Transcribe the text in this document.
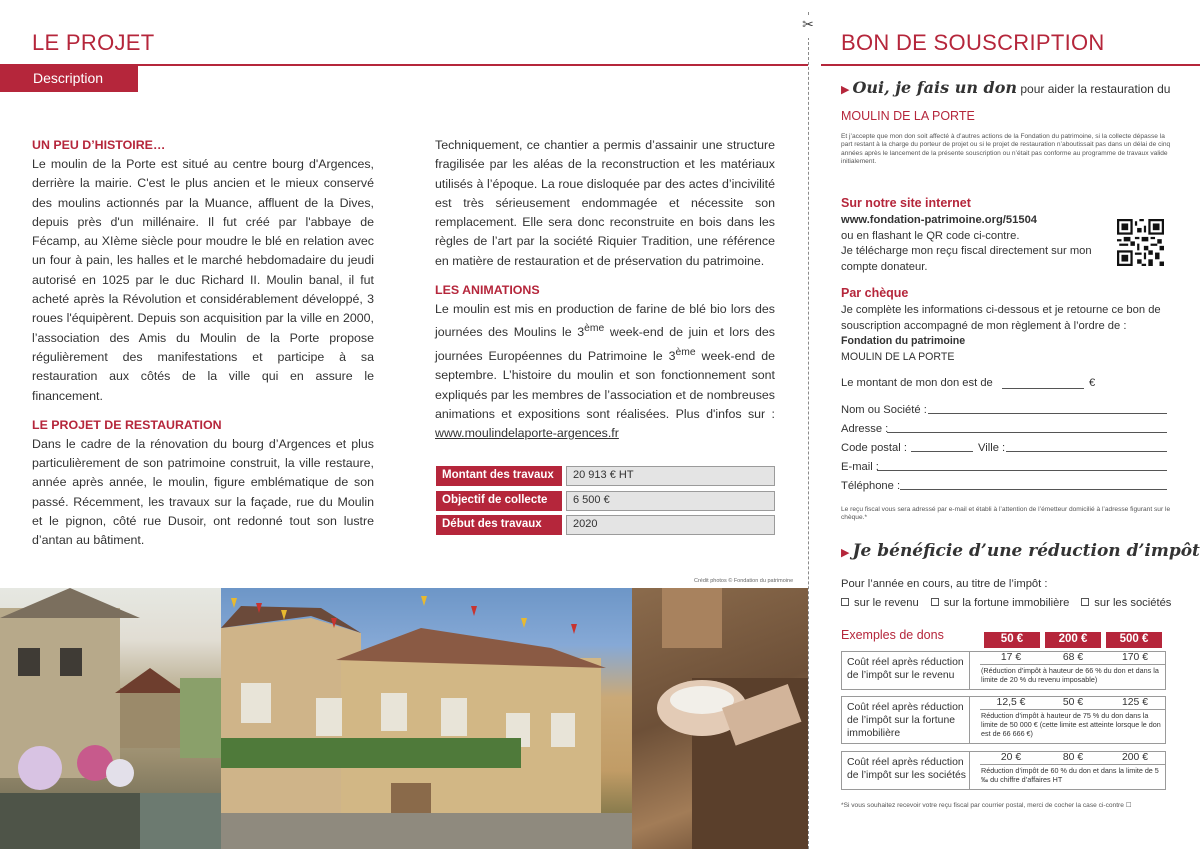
LE PROJET
Description
UN PEU D’HISTOIRE…

Le moulin de la Porte est situé au centre bourg d'Argences, derrière la mairie. C'est le plus ancien et le mieux conservé des moulins actionnés par la Muance, affluent de la Dives, depuis près d'un millénaire. Il fut créé par l'abbaye de Fécamp, au XIème siècle pour moudre le blé en relation avec un four à pain, les halles et le marché hebdomadaire du jeudi autorisé en 1025 par le duc Richard II. Moulin banal, il fut acheté après la Révolution et considérablement développé, 3 roues l'équipèrent. Depuis son acquisition par la ville en 2000, l’association des Amis du Moulin de la Porte propose régulièrement des manifestations et participe à sa restauration aux côtés de la ville qui en assure le financement.

LE PROJET DE RESTAURATION

Dans le cadre de la rénovation du bourg d’Argences et plus particulièrement de son patrimoine construit, la ville restaure, année après année, le moulin, figure emblématique de son passé. Récemment, les travaux sur la façade, rue du Moulin et le pignon, côté rue Dusoir, ont redonné tout son lustre d’antan au bâtiment.

Techniquement, ce chantier a permis d’assainir une structure fragilisée par les aléas de la reconstruction et les matériaux utilisés à l’époque. La roue disloquée par des actes d’incivilité est très sérieusement endommagée et nécessite son remplacement. Elle sera donc reconstruite en bois dans les règles de l’art par la société Riquier Tradition, une référence en matière de restauration et de préservation du patrimoine.

LES ANIMATIONS

Le moulin est mis en production de farine de blé bio lors des journées des Moulins le 3ème week-end de juin et lors des journées Européennes du Patrimoine le 3ème week-end de septembre. L’histoire du moulin et son fonctionnement sont expliqués par les membres de l’association et de nombreuses animations et expositions sont réalisées. Plus d'infos sur : www.moulindelaporte-argences.fr

Montant des travaux	20 913 € HT
Objectif de collecte	6 500 €
Début des travaux	2020
Crédit photos © Fondation du patrimoine
✂
BON DE SOUSCRIPTION
▶ Oui, je fais un don pour aider la restauration du
MOULIN DE LA PORTE
Et j’accepte que mon don soit affecté à d’autres actions de la Fondation du patrimoine, si la collecte dépasse la part restant à la charge du porteur de projet ou si le projet de restauration n’aboutissait pas dans un délai de cinq années après le lancement de la présente souscription ou n’était pas conforme au programme de travaux valide initialement.
Sur notre site internet
www.fondation-patrimoine.org/51504
ou en flashant le QR code ci-contre.
Je télécharge mon reçu fiscal directement sur mon compte donateur.
Par chèque
Je complète les informations ci-dessous et je retourne ce bon de souscription accompagné de mon règlement à l’ordre de :
Fondation du patrimoine
MOULIN DE LA PORTE
Le montant de mon don est de	€
Nom ou Société :
Adresse :
Code postal :	Ville :
E-mail :
Téléphone :
Le reçu fiscal vous sera adressé par e-mail et établi à l’attention de l’émetteur domicilié à l’adresse figurant sur le chèque.*
▶ Je bénéficie d’une réduction d’impôt
Pour l’année en cours, au titre de l’impôt :
sur le revenu	sur la fortune immobilière	sur les sociétés
Exemples de dons	50 €	200 €	500 €
Coût réel après réduction de l’impôt sur le revenu
17 €	68 €	170 €
(Réduction d’impôt à hauteur de 66 % du don et dans la limite de 20 % du revenu imposable)
Coût réel après réduction de l’impôt sur la fortune immobilière
12,5 €	50 €	125 €
Réduction d’impôt à hauteur de 75 % du don dans la limite de 50 000 € (cette limite est atteinte lorsque le don est de 66 666 €)
Coût réel après réduction de l’impôt sur les sociétés
20 €	80 €	200 €
Réduction d’impôt de 60 % du don et dans la limite de 5 ‰ du chiffre d’affaires HT
*Si vous souhaitez recevoir votre reçu fiscal par courrier postal, merci de cocher la case ci-contre ☐
